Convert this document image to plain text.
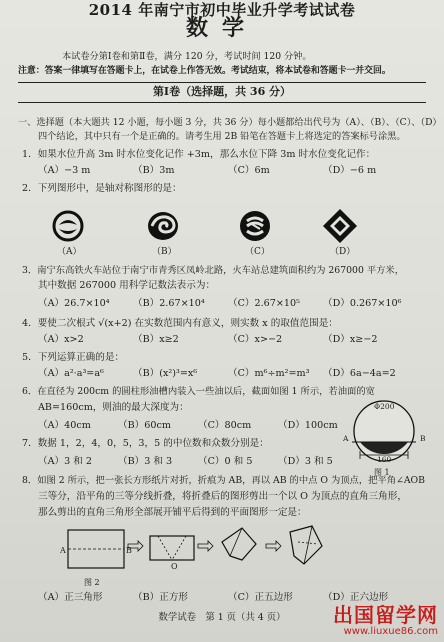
2014 年南宁市初中毕业升学考试试卷
数学
本试卷分第Ⅰ卷和第Ⅱ卷，满分 120 分，考试时间 120 分钟。
注意：答案一律填写在答题卡上，在试卷上作答无效。考试结束，将本试卷和答题卡一并交回。
第Ⅰ卷（选择题，共 36 分）
一、选择题（本大题共 12 小题，每小题 3 分，共 36 分）每小题都给出代号为（A）、（B）、（C）、（D）
四个结论，其中只有一个是正确的。请考生用 2B 铅笔在答题卡上将选定的答案标号涂黑。
1．如果水位升高 3m 时水位变化记作 +3m，那么水位下降 3m 时水位变化记作：
（A）−3 m	（B）3m	（C）6m	（D）−6 m
2．下列图形中，是轴对称图形的是：
（A）	（B）	（C）	（D）
3．南宁东高铁火车站位于南宁市青秀区凤岭北路，火车站总建筑面积约为 267000 平方米，
其中数据 267000 用科学记数法表示为：
（A）26.7×10⁴ （B）2.67×10⁴ （C）2.67×10⁵ （D）0.267×10⁶
4．要使二次根式 √(x+2) 在实数范围内有意义，则实数 x 的取值范围是：
（A）x>2	（B）x≥2	（C）x>−2	（D）x≥−2
5．下列运算正确的是：
（A）a²·a³=a⁶	（B）(x²)³=x⁶	（C）m⁶÷m²=m³ （D）6a−4a=2
6．在直径为 200cm 的圆柱形油槽内装入一些油以后，截面如图 1 所示，若油面的宽
AB=160cm，则油的最大深度为：
（A）40cm	（B）60cm	（C）80cm	（D）100cm
Φ200
A	B
160
图 1
7．数据 1，2，4，0，5，3，5 的中位数和众数分别是：
（A）3 和 2	（B）3 和 3	（C）0 和 5	（D）3 和 5
8．如图 2 所示，把一张长方形纸片对折，折痕为 AB，再以 AB 的中点 O 为顶点，把平角∠AOB
三等分，沿平角的三等分线折叠，将折叠后的图形剪出一个以 O 为顶点的直角三角形，
那么剪出的直角三角形全部展开铺平后得到的平面图形一定是：
A	B
O
图 2
（A）正三角形	（B）正方形	（C）正五边形	（D）正六边形
数学试卷　第 1 页（共 4 页）	出国留学网
www.liuxue86.com
